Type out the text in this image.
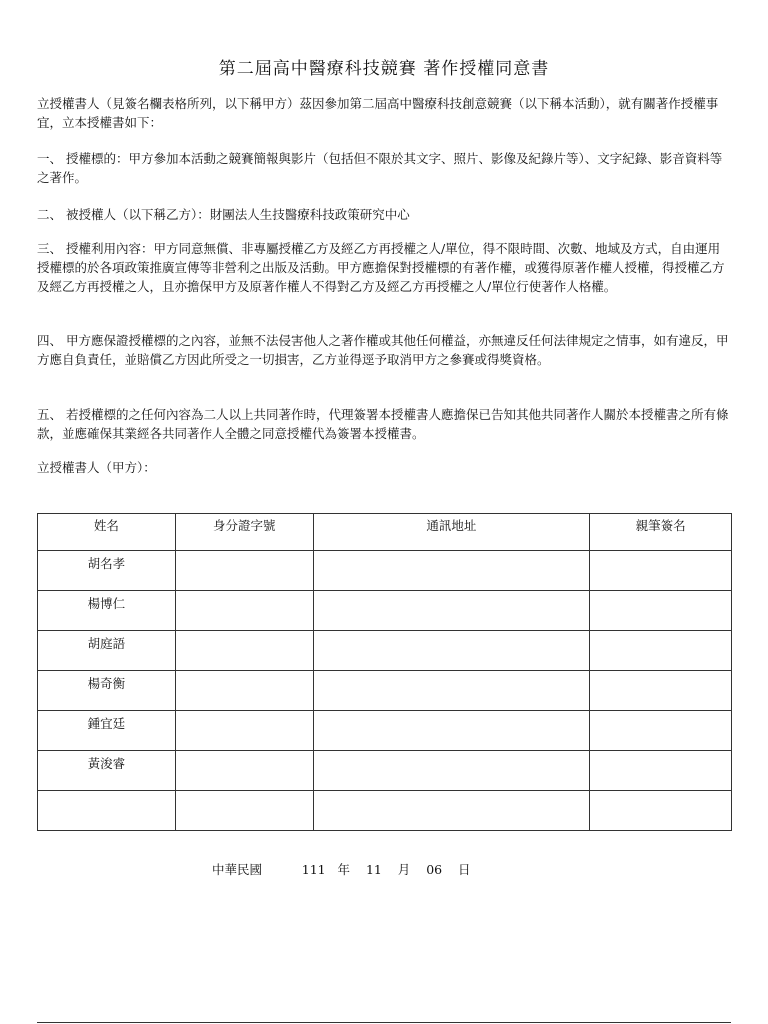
第二屆高中醫療科技競賽 著作授權同意書

立授權書人（見簽名欄表格所列，以下稱甲方）茲因參加第二屆高中醫療科技創意競賽（以下稱本活動），就有關著作授權事宜，立本授權書如下：

一、 授權標的：甲方參加本活動之競賽簡報與影片（包括但不限於其文字、照片、影像及紀錄片等）、文字紀錄、影音資料等之著作。

二、 被授權人（以下稱乙方）：財團法人生技醫療科技政策研究中心

三、 授權利用內容：甲方同意無償、非專屬授權乙方及經乙方再授權之人/單位，得不限時間、次數、地域及方式，自由運用授權標的於各項政策推廣宣傳等非營利之出版及活動。甲方應擔保對授權標的有著作權，或獲得原著作權人授權，得授權乙方及經乙方再授權之人，且亦擔保甲方及原著作權人不得對乙方及經乙方再授權之人/單位行使著作人格權。

四、 甲方應保證授權標的之內容，並無不法侵害他人之著作權或其他任何權益，亦無違反任何法律規定之情事，如有違反，甲方應自負責任，並賠償乙方因此所受之一切損害，乙方並得逕予取消甲方之參賽或得獎資格。

五、 若授權標的之任何內容為二人以上共同著作時，代理簽署本授權書人應擔保已告知其他共同著作人關於本授權書之所有條款，並應確保其業經各共同著作人全體之同意授權代為簽署本授權書。

立授權書人（甲方）：
姓名	身分證字號	通訊地址	親筆簽名
胡名孝			
楊博仁			
胡庭語			
楊奇衡			
鍾宜廷			
黃浚睿			

中華民國	111 年 11 月 06 日
